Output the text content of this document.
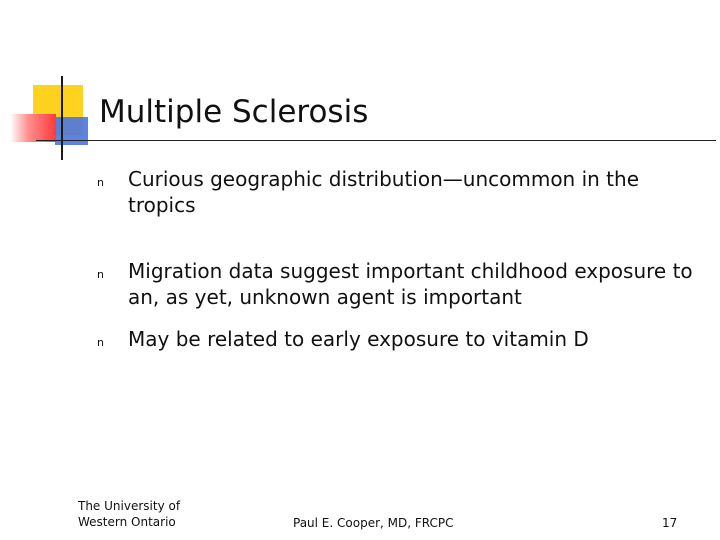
Multiple Sclerosis
n Curious geographic distribution—uncommon in the tropics
n Migration data suggest important childhood exposure to an, as yet, unknown agent is important
n May be related to early exposure to vitamin D
The University of Western Ontario	Paul E. Cooper, MD, FRCPC	17
